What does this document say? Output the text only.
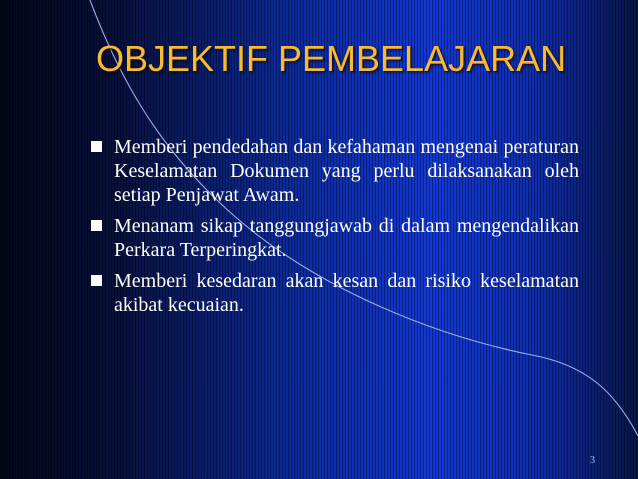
OBJEKTIF PEMBELAJARAN
Memberi pendedahan dan kefahaman mengenai peraturan Keselamatan Dokumen yang perlu dilaksanakan oleh setiap Penjawat Awam.
Menanam sikap tanggungjawab di dalam mengendalikan Perkara Terperingkat.
Memberi kesedaran akan kesan dan risiko keselamatan akibat kecuaian.
3
